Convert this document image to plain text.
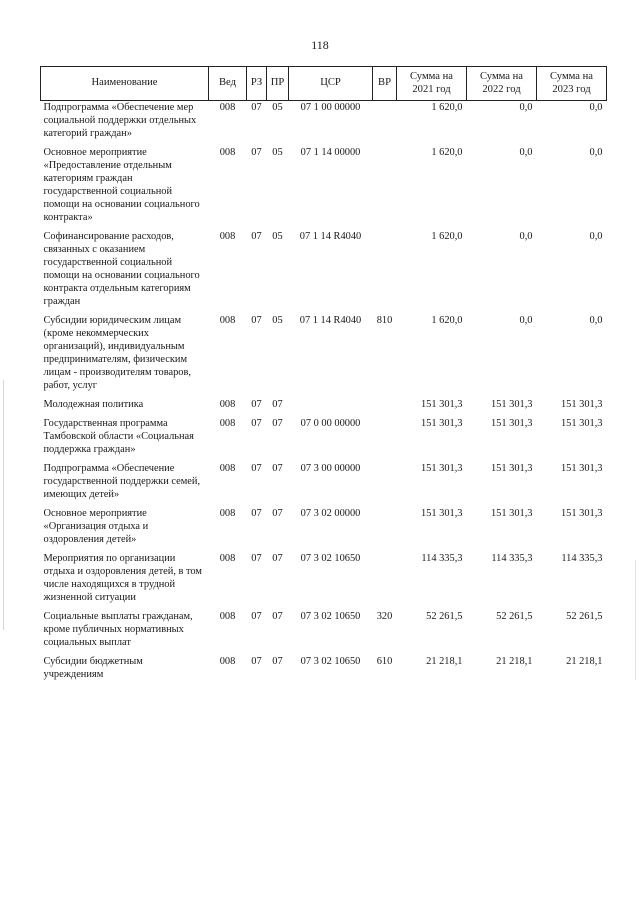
118
Наименование	Вед	РЗ	ПР	ЦСР	ВР	Сумма на 2021 год	Сумма на 2022 год	Сумма на 2023 год
Подпрограмма «Обеспечение мер социальной поддержки отдельных категорий граждан»	008	07	05	07 1 00 00000		1 620,0	0,0	0,0
Основное мероприятие «Предоставление отдельным категориям граждан государственной социальной помощи на основании социального контракта»	008	07	05	07 1 14 00000		1 620,0	0,0	0,0
Софинансирование расходов, связанных с оказанием государственной социальной помощи на основании социального контракта отдельным категориям граждан	008	07	05	07 1 14 R4040		1 620,0	0,0	0,0
Субсидии юридическим лицам (кроме некоммерческих организаций), индивидуальным предпринимателям, физическим лицам - производителям товаров, работ, услуг	008	07	05	07 1 14 R4040	810	1 620,0	0,0	0,0
Молодежная политика	008	07	07			151 301,3	151 301,3	151 301,3
Государственная программа Тамбовской области «Социальная поддержка граждан»	008	07	07	07 0 00 00000		151 301,3	151 301,3	151 301,3
Подпрограмма «Обеспечение государственной поддержки семей, имеющих детей»	008	07	07	07 3 00 00000		151 301,3	151 301,3	151 301,3
Основное мероприятие «Организация отдыха и оздоровления детей»	008	07	07	07 3 02 00000		151 301,3	151 301,3	151 301,3
Мероприятия по организации отдыха и оздоровления детей, в том числе находящихся в трудной жизненной ситуации	008	07	07	07 3 02 10650		114 335,3	114 335,3	114 335,3
Социальные выплаты гражданам, кроме публичных нормативных социальных выплат	008	07	07	07 3 02 10650	320	52 261,5	52 261,5	52 261,5
Субсидии бюджетным учреждениям	008	07	07	07 3 02 10650	610	21 218,1	21 218,1	21 218,1
